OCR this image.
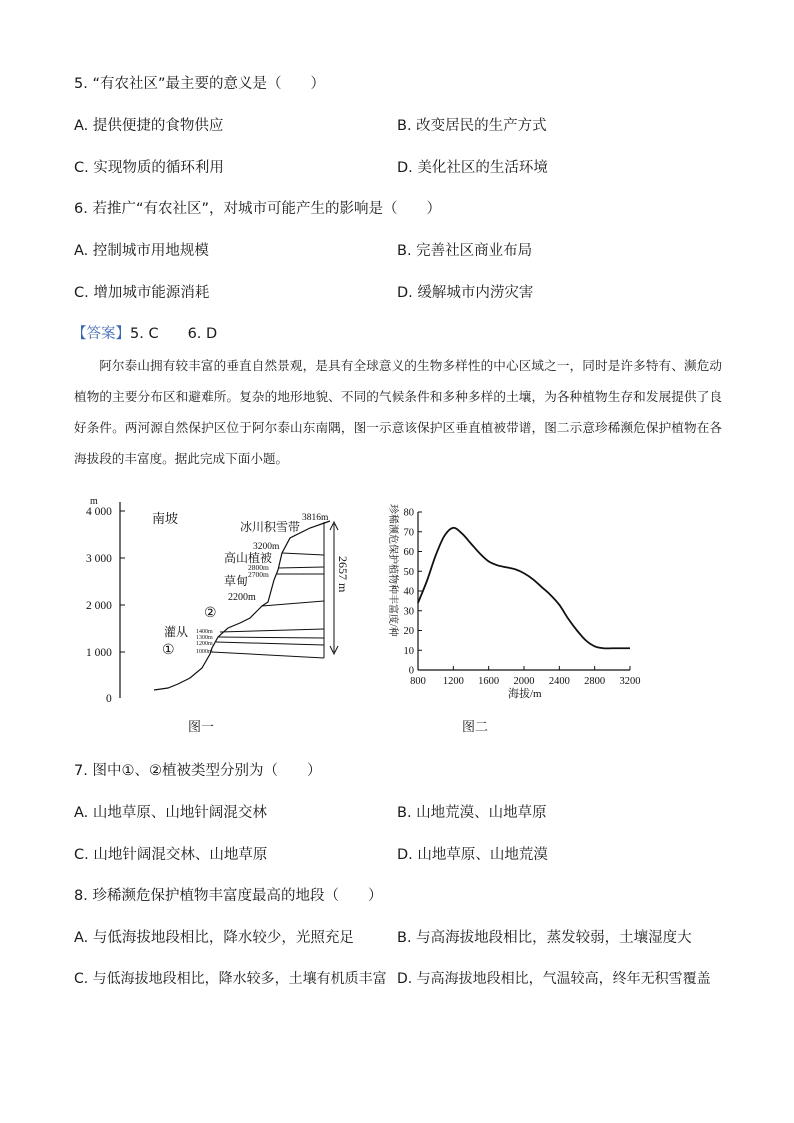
5. “有农社区”最主要的意义是（　　）
A. 提供便捷的食物供应	B. 改变居民的生产方式
C. 实现物质的循环利用	D. 美化社区的生活环境
6. 若推广“有农社区”，对城市可能产生的影响是（　　）
A. 控制城市用地规模	B. 完善社区商业布局
C. 增加城市能源消耗	D. 缓解城市内涝灾害
【答案】5. C　　6. D
阿尔泰山拥有较丰富的垂直自然景观，是具有全球意义的生物多样性的中心区域之一，同时是许多特有、濒危动植物的主要分布区和避难所。复杂的地形地貌、不同的气候条件和多种多样的土壤，为各种植物生存和发展提供了良好条件。两河源自然保护区位于阿尔泰山东南隅，图一示意该保护区垂直植被带谱，图二示意珍稀濒危保护植物在各海拔段的丰富度。据此完成下面小题。
m
4 000
3 000
2 000
1 000
0
南坡
2657 m
3816m
冰川积雪带
3200m
高山植被
2800m
2700m
草甸
2200m
②
灌从 1400m
1300m
1200m
1000m
①
图一
珍稀濒危保护植物种丰富度/种 80
70
60
50
40
30
20
10
0
800 1200 1600 2000 2400 2800 3200
海拔/m
图二
7. 图中①、②植被类型分别为（　　）
A. 山地草原、山地针阔混交林	B. 山地荒漠、山地草原
C. 山地针阔混交林、山地草原	D. 山地草原、山地荒漠
8. 珍稀濒危保护植物丰富度最高的地段（　　）
A. 与低海拔地段相比，降水较少，光照充足	B. 与高海拔地段相比，蒸发较弱，土壤湿度大
C. 与低海拔地段相比，降水较多，土壤有机质丰富 D. 与高海拔地段相比，气温较高，终年无积雪覆盖
